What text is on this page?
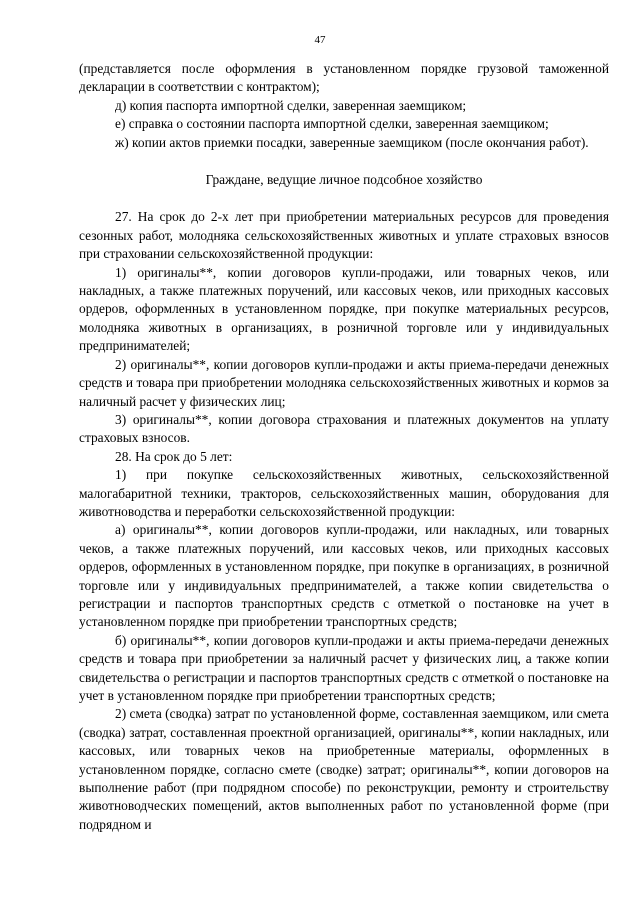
47

(представляется после оформления в установленном порядке грузовой таможенной декларации в соответствии с контрактом);

д) копия паспорта импортной сделки, заверенная заемщиком;

е) справка о состоянии паспорта импортной сделки, заверенная заемщиком;

ж) копии актов приемки посадки, заверенные заемщиком (после окончания работ).

Граждане, ведущие личное подсобное хозяйство

27. На срок до 2-х лет при приобретении материальных ресурсов для проведения сезонных работ, молодняка сельскохозяйственных животных и уплате страховых взносов при страховании сельскохозяйственной продукции:

1) оригиналы**, копии договоров купли-продажи, или товарных чеков, или накладных, а также платежных поручений, или кассовых чеков, или приходных кассовых ордеров, оформленных в установленном порядке, при покупке материальных ресурсов, молодняка животных в организациях, в розничной торговле или у индивидуальных предпринимателей;

2) оригиналы**, копии договоров купли-продажи и акты приема-передачи денежных средств и товара при приобретении молодняка сельскохозяйственных животных и кормов за наличный расчет у физических лиц;

3) оригиналы**, копии договора страхования и платежных документов на уплату страховых взносов.

28. На срок до 5 лет:

1) при покупке сельскохозяйственных животных, сельскохозяйственной малогабаритной техники, тракторов, сельскохозяйственных машин, оборудования для животноводства и переработки сельскохозяйственной продукции:

а) оригиналы**, копии договоров купли-продажи, или накладных, или товарных чеков, а также платежных поручений, или кассовых чеков, или приходных кассовых ордеров, оформленных в установленном порядке, при покупке в организациях, в розничной торговле или у индивидуальных предпринимателей, а также копии свидетельства о регистрации и паспортов транспортных средств с отметкой о постановке на учет в установленном порядке при приобретении транспортных средств;

б) оригиналы**, копии договоров купли-продажи и акты приема-передачи денежных средств и товара при приобретении за наличный расчет у физических лиц, а также копии свидетельства о регистрации и паспортов транспортных средств с отметкой о постановке на учет в установленном порядке при приобретении транспортных средств;

2) смета (сводка) затрат по установленной форме, составленная заемщиком, или смета (сводка) затрат, составленная проектной организацией, оригиналы**, копии накладных, или кассовых, или товарных чеков на приобретенные материалы, оформленных в установленном порядке, согласно смете (сводке) затрат; оригиналы**, копии договоров на выполнение работ (при подрядном способе) по реконструкции, ремонту и строительству животноводческих помещений, актов выполненных работ по установленной форме (при подрядном и
